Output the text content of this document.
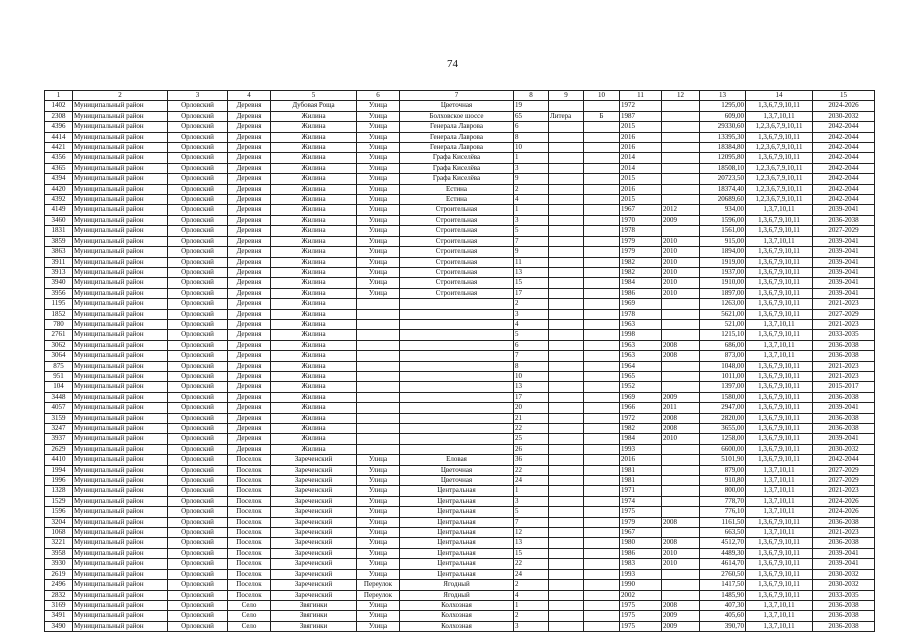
74
1	2	3	4	5	6	7	8	9	10	11	12	13	14	15
1402	Муниципальный район	Орловский	Деревня	Дубовая Роща	Улица	Цветочная	19			1972		1295,00	1,3,6,7,9,10,11	2024-2026
2308	Муниципальный район	Орловский	Деревня	Жилина	Улица	Болховское шоссе	65	Литера	Б	1987		609,00	1,3,7,10,11	2030-2032
4396	Муниципальный район	Орловский	Деревня	Жилина	Улица	Генерала Лаврова	6			2015		29330,60	1,2,3,6,7,9,10,11	2042-2044
4414	Муниципальный район	Орловский	Деревня	Жилина	Улица	Генерала Лаврова	8			2016		13395,30	1,3,6,7,9,10,11	2042-2044
4421	Муниципальный район	Орловский	Деревня	Жилина	Улица	Генерала Лаврова	10			2016		18384,80	1,2,3,6,7,9,10,11	2042-2044
4356	Муниципальный район	Орловский	Деревня	Жилина	Улица	Графа Киселёва	1			2014		12095,80	1,3,6,7,9,10,11	2042-2044
4365	Муниципальный район	Орловский	Деревня	Жилина	Улица	Графа Киселёва	3			2014		18508,10	1,2,3,6,7,9,10,11	2042-2044
4394	Муниципальный район	Орловский	Деревня	Жилина	Улица	Графа Киселёва	9			2015		20723,50	1,2,3,6,7,9,10,11	2042-2044
4420	Муниципальный район	Орловский	Деревня	Жилина	Улица	Естина	2			2016		18374,40	1,2,3,6,7,9,10,11	2042-2044
4392	Муниципальный район	Орловский	Деревня	Жилина	Улица	Естина	4			2015		20689,60	1,2,3,6,7,9,10,11	2042-2044
4149	Муниципальный район	Орловский	Деревня	Жилина	Улица	Строительная	1			1967	2012	934,00	1,3,7,10,11	2039-2041
3460	Муниципальный район	Орловский	Деревня	Жилина	Улица	Строительная	3			1970	2009	1596,00	1,3,6,7,9,10,11	2036-2038
1831	Муниципальный район	Орловский	Деревня	Жилина	Улица	Строительная	5			1978		1561,00	1,3,6,7,9,10,11	2027-2029
3859	Муниципальный район	Орловский	Деревня	Жилина	Улица	Строительная	7			1979	2010	915,00	1,3,7,10,11	2039-2041
3863	Муниципальный район	Орловский	Деревня	Жилина	Улица	Строительная	9			1979	2010	1894,00	1,3,6,7,9,10,11	2039-2041
3911	Муниципальный район	Орловский	Деревня	Жилина	Улица	Строительная	11			1982	2010	1919,00	1,3,6,7,9,10,11	2039-2041
3913	Муниципальный район	Орловский	Деревня	Жилина	Улица	Строительная	13			1982	2010	1937,00	1,3,6,7,9,10,11	2039-2041
3940	Муниципальный район	Орловский	Деревня	Жилина	Улица	Строительная	15			1984	2010	1910,00	1,3,6,7,9,10,11	2039-2041
3956	Муниципальный район	Орловский	Деревня	Жилина	Улица	Строительная	17			1986	2010	1897,00	1,3,6,7,9,10,11	2039-2041
1195	Муниципальный район	Орловский	Деревня	Жилина			2			1969		1263,00	1,3,6,7,9,10,11	2021-2023
1852	Муниципальный район	Орловский	Деревня	Жилина			3			1978		5621,00	1,3,6,7,9,10,11	2027-2029
780	Муниципальный район	Орловский	Деревня	Жилина			4			1963		521,00	1,3,7,10,11	2021-2023
2761	Муниципальный район	Орловский	Деревня	Жилина			5			1998		1215,10	1,3,6,7,9,10,11	2033-2035
3062	Муниципальный район	Орловский	Деревня	Жилина			6			1963	2008	686,00	1,3,7,10,11	2036-2038
3064	Муниципальный район	Орловский	Деревня	Жилина			7			1963	2008	873,00	1,3,7,10,11	2036-2038
875	Муниципальный район	Орловский	Деревня	Жилина			8			1964		1048,00	1,3,6,7,9,10,11	2021-2023
951	Муниципальный район	Орловский	Деревня	Жилина			10			1965		1011,00	1,3,6,7,9,10,11	2021-2023
104	Муниципальный район	Орловский	Деревня	Жилина			13			1952		1397,00	1,3,6,7,9,10,11	2015-2017
3448	Муниципальный район	Орловский	Деревня	Жилина			17			1969	2009	1580,00	1,3,6,7,9,10,11	2036-2038
4057	Муниципальный район	Орловский	Деревня	Жилина			20			1966	2011	2947,00	1,3,6,7,9,10,11	2039-2041
3159	Муниципальный район	Орловский	Деревня	Жилина			21			1972	2008	2820,00	1,3,6,7,9,10,11	2036-2038
3247	Муниципальный район	Орловский	Деревня	Жилина			22			1982	2008	3655,00	1,3,6,7,9,10,11	2036-2038
3937	Муниципальный район	Орловский	Деревня	Жилина			25			1984	2010	1258,00	1,3,6,7,9,10,11	2039-2041
2629	Муниципальный район	Орловский	Деревня	Жилина			26			1993		6600,00	1,3,6,7,9,10,11	2030-2032
4410	Муниципальный район	Орловский	Поселок	Зареченский	Улица	Еловая	36			2016		5101,90	1,3,6,7,9,10,11	2042-2044
1994	Муниципальный район	Орловский	Поселок	Зареченский	Улица	Цветочная	22			1981		879,00	1,3,7,10,11	2027-2029
1996	Муниципальный район	Орловский	Поселок	Зареченский	Улица	Цветочная	24			1981		910,80	1,3,7,10,11	2027-2029
1328	Муниципальный район	Орловский	Поселок	Зареченский	Улица	Центральная	1			1971		800,00	1,3,7,10,11	2021-2023
1529	Муниципальный район	Орловский	Поселок	Зареченский	Улица	Центральная	3			1974		778,70	1,3,7,10,11	2024-2026
1596	Муниципальный район	Орловский	Поселок	Зареченский	Улица	Центральная	5			1975		776,10	1,3,7,10,11	2024-2026
3204	Муниципальный район	Орловский	Поселок	Зареченский	Улица	Центральная	7			1979	2008	1161,50	1,3,6,7,9,10,11	2036-2038
1068	Муниципальный район	Орловский	Поселок	Зареченский	Улица	Центральная	12			1967		663,50	1,3,7,10,11	2021-2023
3221	Муниципальный район	Орловский	Поселок	Зареченский	Улица	Центральная	13			1980	2008	4512,70	1,3,6,7,9,10,11	2036-2038
3958	Муниципальный район	Орловский	Поселок	Зареченский	Улица	Центральная	15			1986	2010	4489,30	1,3,6,7,9,10,11	2039-2041
3930	Муниципальный район	Орловский	Поселок	Зареченский	Улица	Центральная	22			1983	2010	4614,70	1,3,6,7,9,10,11	2039-2041
2619	Муниципальный район	Орловский	Поселок	Зареченский	Улица	Центральная	24			1993		2760,50	1,3,6,7,9,10,11	2030-2032
2496	Муниципальный район	Орловский	Поселок	Зареченский	Переулок	Ягодный	2			1990		1417,50	1,3,6,7,9,10,11	2030-2032
2832	Муниципальный район	Орловский	Поселок	Зареченский	Переулок	Ягодный	4			2002		1485,90	1,3,6,7,9,10,11	2033-2035
3169	Муниципальный район	Орловский	Село	Звягинки	Улица	Колхозная	1			1975	2008	407,30	1,3,7,10,11	2036-2038
3491	Муниципальный район	Орловский	Село	Звягинки	Улица	Колхозная	2			1975	2009	405,60	1,3,7,10,11	2036-2038
3490	Муниципальный район	Орловский	Село	Звягинки	Улица	Колхозная	3			1975	2009	390,70	1,3,7,10,11	2036-2038
